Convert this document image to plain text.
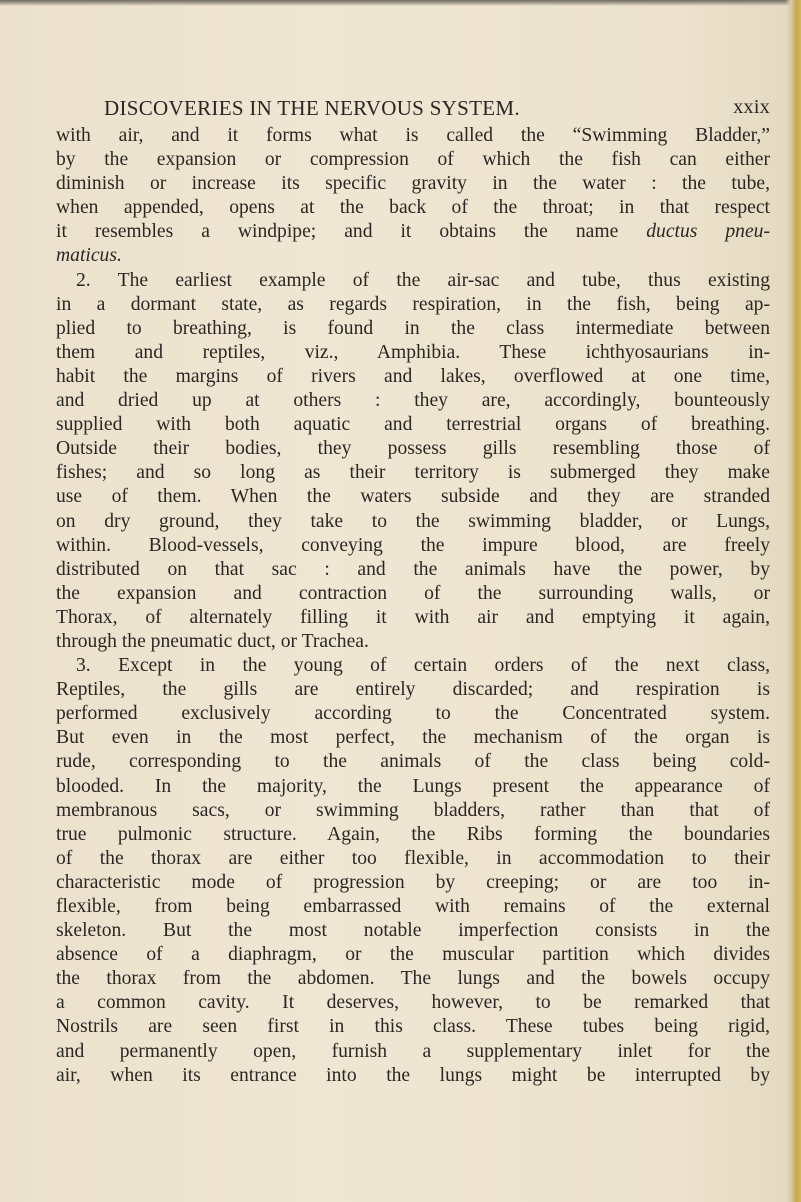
DISCOVERIES IN THE NERVOUS SYSTEM.	xxix
with air, and it forms what is called the “Swimming Bladder,”
by the expansion or compression of which the fish can either
diminish or increase its specific gravity in the water : the tube,
when appended, opens at the back of the throat; in that respect
it resembles a windpipe; and it obtains the name ductus pneu-
maticus.
2. The earliest example of the air-sac and tube, thus existing
in a dormant state, as regards respiration, in the fish, being ap-
plied to breathing, is found in the class intermediate between
them and reptiles, viz., Amphibia. These ichthyosaurians in-
habit the margins of rivers and lakes, overflowed at one time,
and dried up at others : they are, accordingly, bounteously
supplied with both aquatic and terrestrial organs of breathing.
Outside their bodies, they possess gills resembling those of
fishes; and so long as their territory is submerged they make
use of them. When the waters subside and they are stranded
on dry ground, they take to the swimming bladder, or Lungs,
within. Blood-vessels, conveying the impure blood, are freely
distributed on that sac : and the animals have the power, by
the expansion and contraction of the surrounding walls, or
Thorax, of alternately filling it with air and emptying it again,
through the pneumatic duct, or Trachea.
3. Except in the young of certain orders of the next class,
Reptiles, the gills are entirely discarded; and respiration is
performed exclusively according to the Concentrated system.
But even in the most perfect, the mechanism of the organ is
rude, corresponding to the animals of the class being cold-
blooded. In the majority, the Lungs present the appearance of
membranous sacs, or swimming bladders, rather than that of
true pulmonic structure. Again, the Ribs forming the boundaries
of the thorax are either too flexible, in accommodation to their
characteristic mode of progression by creeping; or are too in-
flexible, from being embarrassed with remains of the external
skeleton. But the most notable imperfection consists in the
absence of a diaphragm, or the muscular partition which divides
the thorax from the abdomen. The lungs and the bowels occupy
a common cavity. It deserves, however, to be remarked that
Nostrils are seen first in this class. These tubes being rigid,
and permanently open, furnish a supplementary inlet for the
air, when its entrance into the lungs might be interrupted by
